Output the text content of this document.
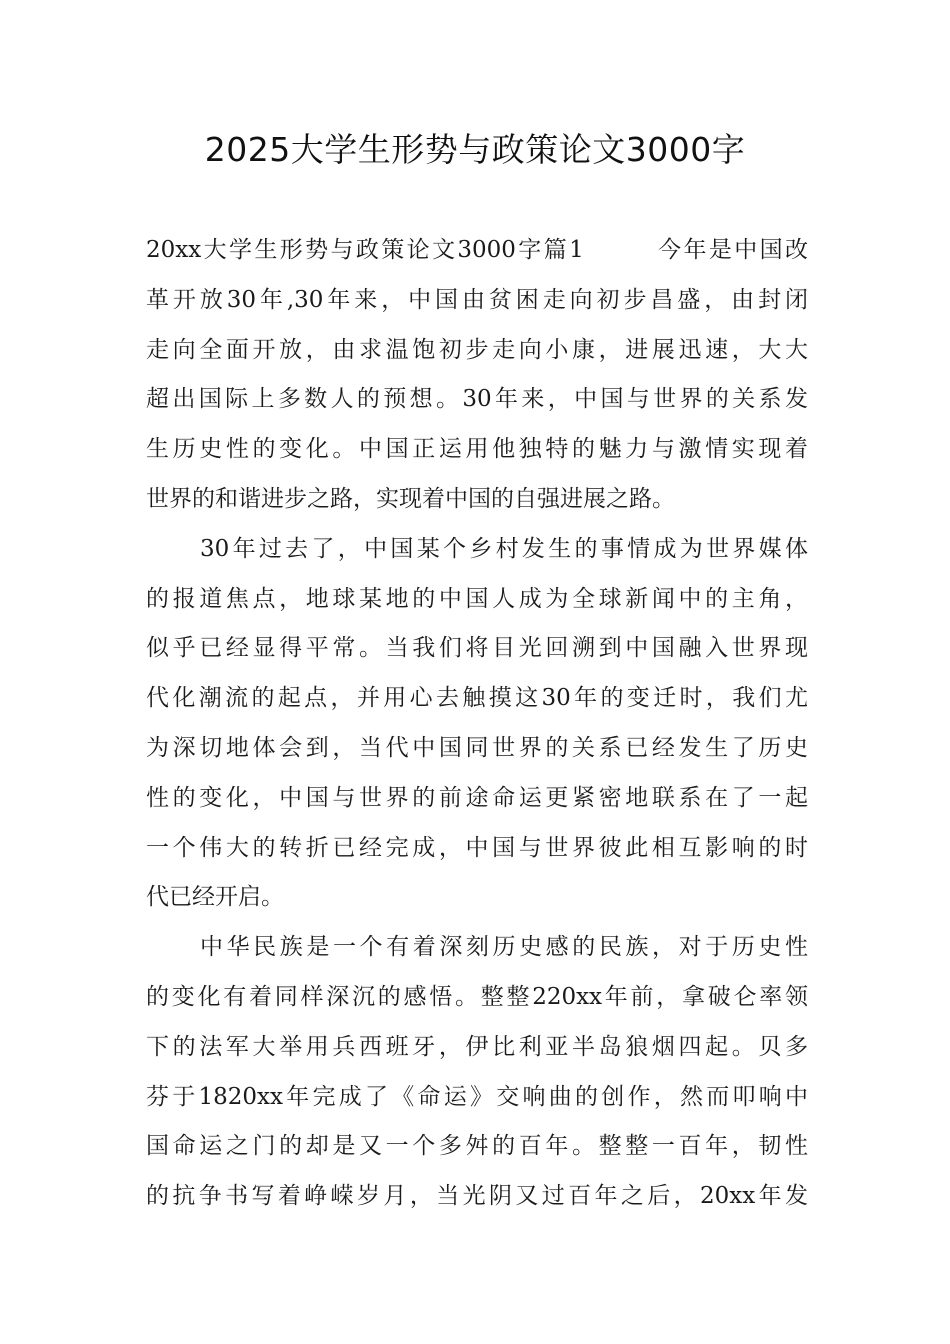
2025大学生形势与政策论文3000字
20xx大学生形势与政策论文3000字篇1	今年是中国改
革开放30年,30年来，中国由贫困走向初步昌盛，由封闭
走向全面开放，由求温饱初步走向小康，进展迅速，大大
超出国际上多数人的预想。30年来，中国与世界的关系发
生历史性的变化。中国正运用他独特的魅力与激情实现着
世界的和谐进步之路，实现着中国的自强进展之路。
30年过去了，中国某个乡村发生的事情成为世界媒体
的报道焦点，地球某地的中国人成为全球新闻中的主角，
似乎已经显得平常。当我们将目光回溯到中国融入世界现
代化潮流的起点，并用心去触摸这30年的变迁时，我们尤
为深切地体会到，当代中国同世界的关系已经发生了历史
性的变化，中国与世界的前途命运更紧密地联系在了一起
一个伟大的转折已经完成，中国与世界彼此相互影响的时
代已经开启。
中华民族是一个有着深刻历史感的民族，对于历史性
的变化有着同样深沉的感悟。整整220xx年前，拿破仑率领
下的法军大举用兵西班牙，伊比利亚半岛狼烟四起。贝多
芬于1820xx年完成了《命运》交响曲的创作，然而叩响中
国命运之门的却是又一个多舛的百年。整整一百年，韧性
的抗争书写着峥嵘岁月，当光阴又过百年之后，20xx年发
